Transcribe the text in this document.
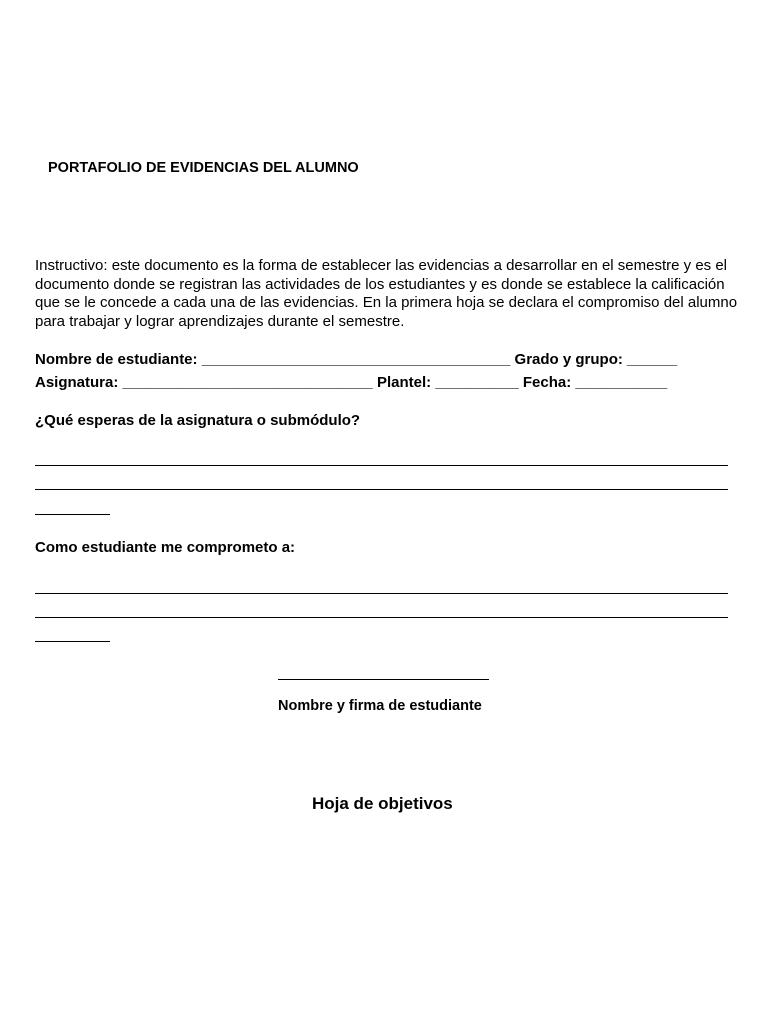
PORTAFOLIO DE EVIDENCIAS DEL ALUMNO

Instructivo: este documento es la forma de establecer las evidencias a desarrollar en el semestre y es el documento donde se registran las actividades de los estudiantes y es donde se establece la calificación que se le concede a cada una de las evidencias. En la primera hoja se declara el compromiso del alumno para trabajar y lograr aprendizajes durante el semestre.

Nombre de estudiante: _____________________________________ Grado y grupo: ______

Asignatura: ______________________________ Plantel: __________ Fecha: ___________

¿Qué esperas de la asignatura o submódulo?

Como estudiante me comprometo a:

Nombre y firma de estudiante

Hoja de objetivos
